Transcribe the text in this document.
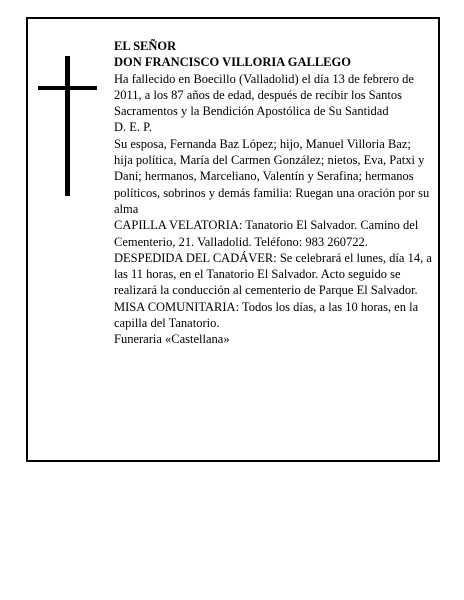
EL SEÑOR

DON FRANCISCO VILLORIA GALLEGO

Ha fallecido en Boecillo (Valladolid) el día 13 de febrero de 2011, a los 87 años de edad, después de recibir los Santos Sacramentos y la Bendición Apostólica de Su Santidad

D. E. P.

Su esposa, Fernanda Baz López; hijo, Manuel Villoria Baz; hija política, María del Carmen González; nietos, Eva, Patxi y Dani; hermanos, Marceliano, Valentín y Serafina; hermanos políticos, sobrinos y demás familia: Ruegan una oración por su alma

CAPILLA VELATORIA: Tanatorio El Salvador. Camino del Cementerio, 21. Valladolid. Teléfono: 983 260722.

DESPEDIDA DEL CADÁVER: Se celebrará el lunes, día 14, a las 11 horas, en el Tanatorio El Salvador. Acto seguido se realizará la conducción al cementerio de Parque El Salvador.

MISA COMUNITARIA: Todos los días, a las 10 horas, en la capilla del Tanatorio.

Funeraria «Castellana»
